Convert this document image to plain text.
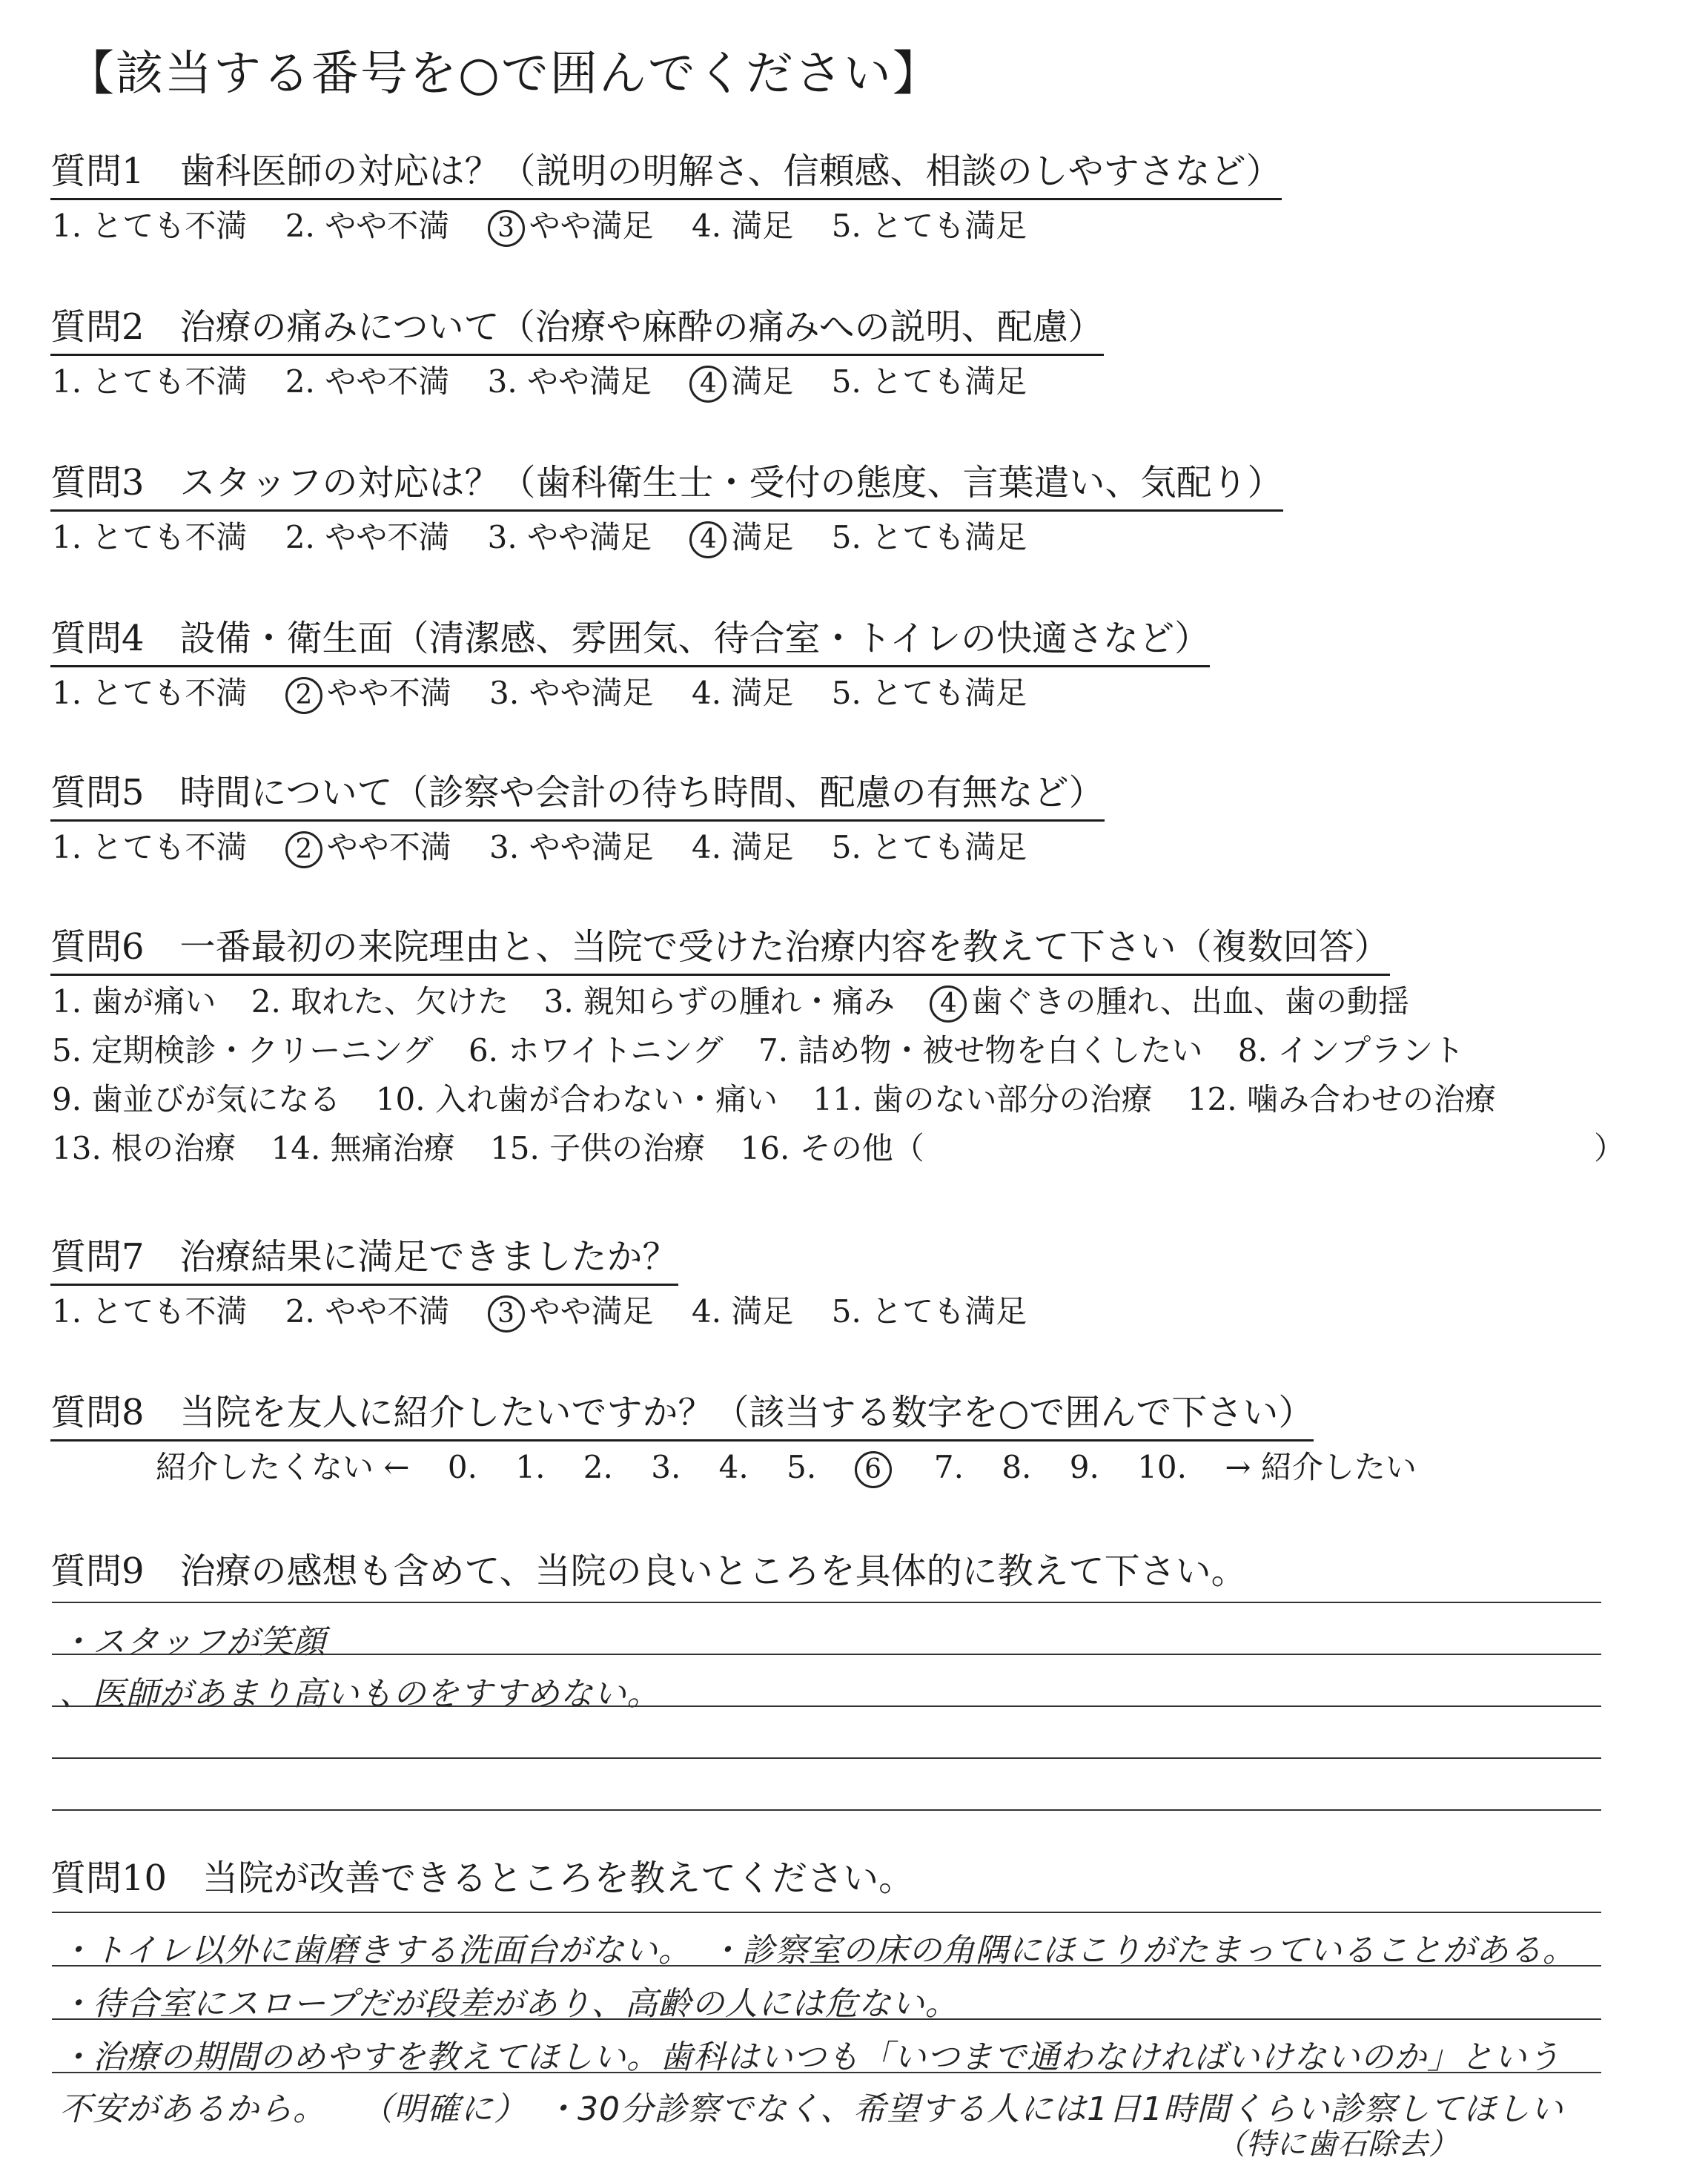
【該当する番号を○で囲んでください】
質問1　歯科医師の対応は？（説明の明解さ、信頼感、相談のしやすさなど）
1. とても不満 2. やや不満 3 やや満足 4. 満足 5. とても満足
質問2　治療の痛みについて（治療や麻酔の痛みへの説明、配慮）
1. とても不満 2. やや不満 3. やや満足 4 満足 5. とても満足
質問3　スタッフの対応は？（歯科衛生士・受付の態度、言葉遣い、気配り）
1. とても不満 2. やや不満 3. やや満足 4 満足 5. とても満足
質問4　設備・衛生面（清潔感、雰囲気、待合室・トイレの快適さなど）
1. とても不満 2 やや不満 3. やや満足 4. 満足 5. とても満足
質問5　時間について（診察や会計の待ち時間、配慮の有無など）
1. とても不満 2 やや不満 3. やや満足 4. 満足 5. とても満足
質問6　一番最初の来院理由と、当院で受けた治療内容を教えて下さい（複数回答）
1. 歯が痛い 2. 取れた、欠けた 3. 親知らずの腫れ・痛み 4 歯ぐきの腫れ、出血、歯の動揺
5. 定期検診・クリーニング 6. ホワイトニング 7. 詰め物・被せ物を白くしたい 8. インプラント
9. 歯並びが気になる 10. 入れ歯が合わない・痛い 11. 歯のない部分の治療 12. 噛み合わせの治療
13. 根の治療 14. 無痛治療 15. 子供の治療 16. その他（	）
質問7　治療結果に満足できましたか？
1. とても不満 2. やや不満 3 やや満足 4. 満足 5. とても満足
質問8　当院を友人に紹介したいですか？（該当する数字を○で囲んで下さい）
紹介したくない ← 0. 1. 2. 3. 4. 5. 6 7. 8. 9. 10. → 紹介したい
質問9　治療の感想も含めて、当院の良いところを具体的に教えて下さい。
・スタッフが笑顔
、医師があまり高いものをすすめない。
質問10　当院が改善できるところを教えてください。
・トイレ以外に歯磨きする洗面台がない。　・診察室の床の角隅にほこりがたまっていることがある。
・待合室にスロープだが段差があり、高齢の人には危ない。
・治療の期間のめやすを教えてほしい。歯科はいつも「いつまで通わなければいけないのか」という
不安があるから。　　（明確に）　・30分診察でなく、希望する人には1日1時間くらい診察してほしい
（特に歯石除去）
